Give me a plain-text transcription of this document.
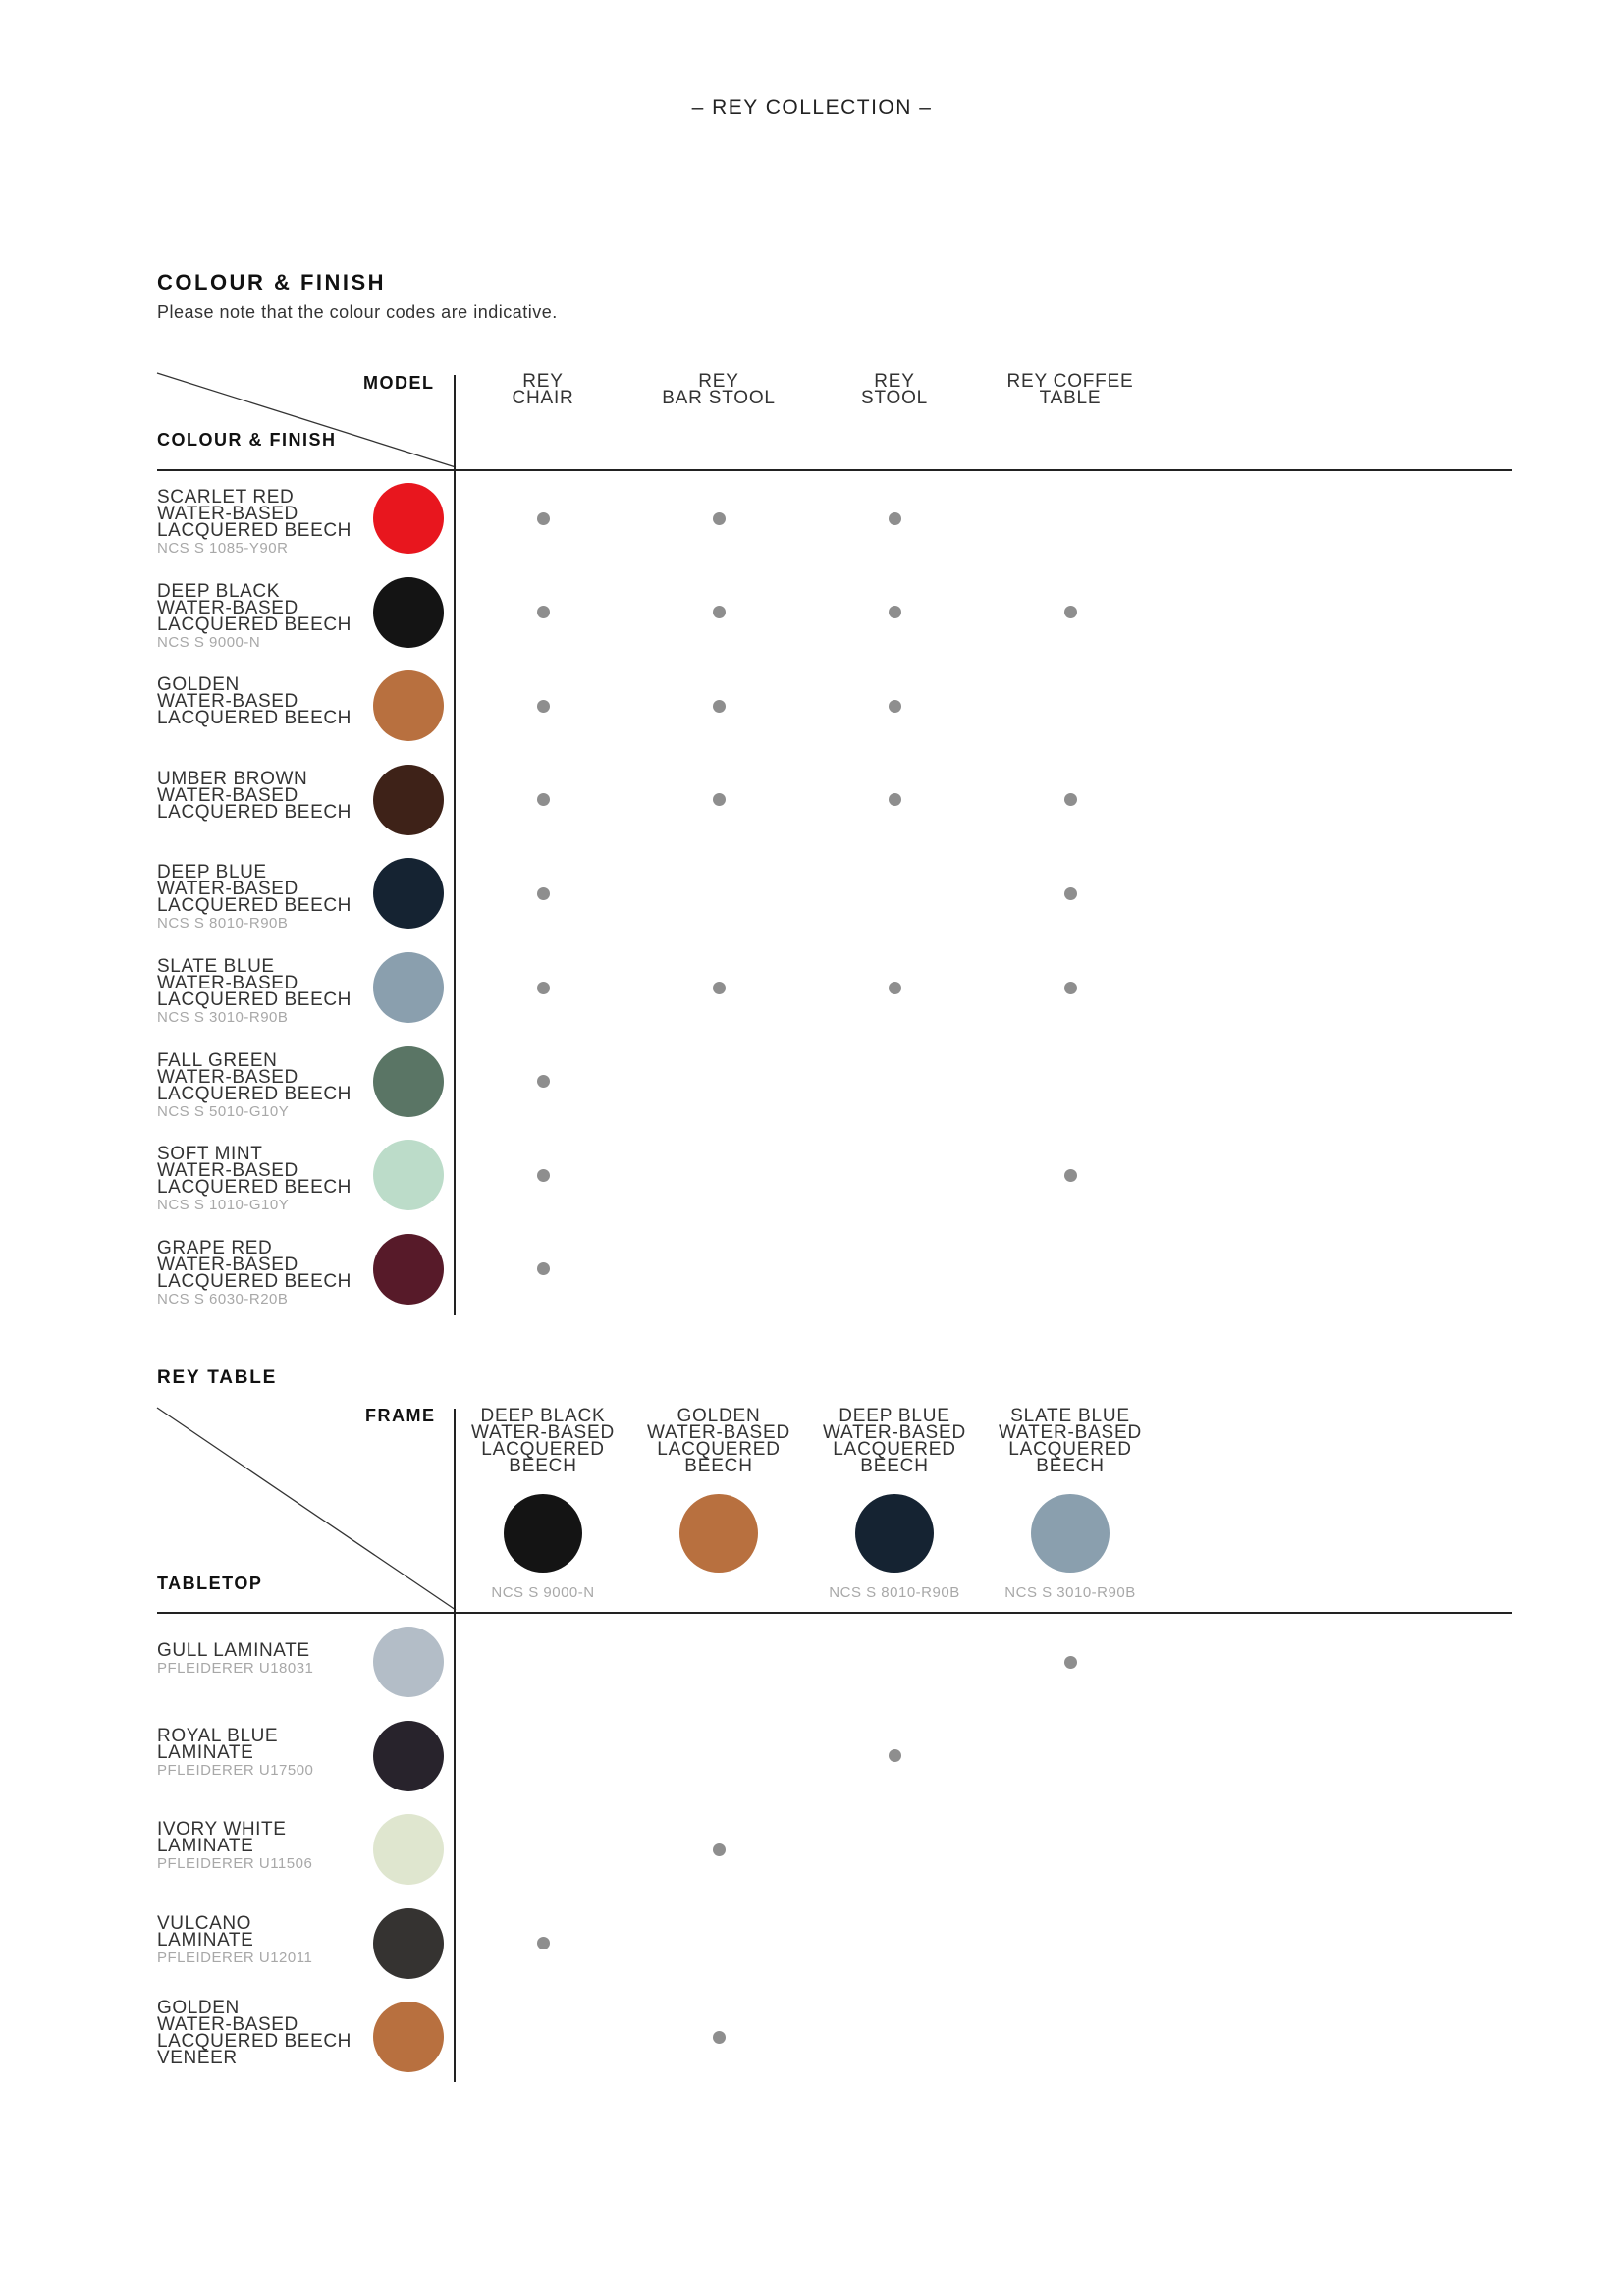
– REY COLLECTION –
COLOUR & FINISH
Please note that the colour codes are indicative.
MODEL
COLOUR & FINISH
REY
CHAIR
REY
BAR STOOL
REY
STOOL
REY COFFEE
TABLE
SCARLET RED
WATER-BASED
LACQUERED BEECH
NCS S 1085-Y90R
DEEP BLACK
WATER-BASED
LACQUERED BEECH
NCS S 9000-N
GOLDEN
WATER-BASED
LACQUERED BEECH
UMBER BROWN
WATER-BASED
LACQUERED BEECH
DEEP BLUE
WATER-BASED
LACQUERED BEECH
NCS S 8010-R90B
SLATE BLUE
WATER-BASED
LACQUERED BEECH
NCS S 3010-R90B
FALL GREEN
WATER-BASED
LACQUERED BEECH
NCS S 5010-G10Y
SOFT MINT
WATER-BASED
LACQUERED BEECH
NCS S 1010-G10Y
GRAPE RED
WATER-BASED
LACQUERED BEECH
NCS S 6030-R20B
REY TABLE
FRAME
TABLETOP
DEEP BLACK
WATER-BASED
LACQUERED
BEECH
NCS S 9000-N
GOLDEN
WATER-BASED
LACQUERED
BEECH
DEEP BLUE
WATER-BASED
LACQUERED
BEECH
NCS S 8010-R90B
SLATE BLUE
WATER-BASED
LACQUERED
BEECH
NCS S 3010-R90B
GULL LAMINATE
PFLEIDERER U18031
ROYAL BLUE
LAMINATE
PFLEIDERER U17500
IVORY WHITE
LAMINATE
PFLEIDERER U11506
VULCANO
LAMINATE
PFLEIDERER U12011
GOLDEN
WATER-BASED
LACQUERED BEECH
VENEER
